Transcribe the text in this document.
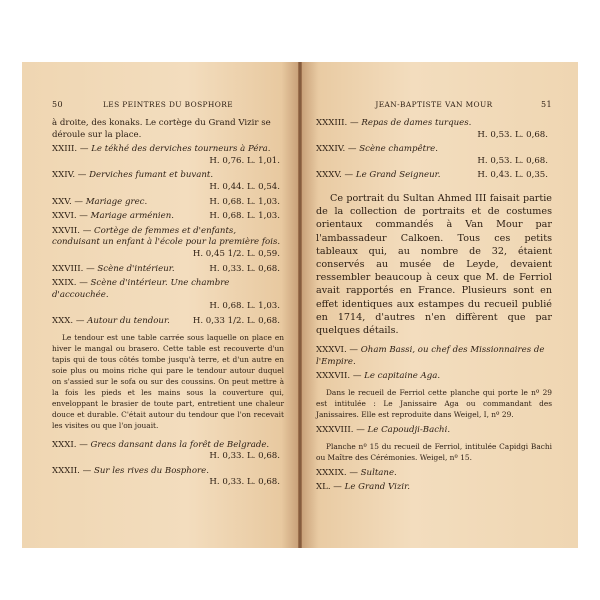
50	LES PEINTRES DU BOSPHORE
à droite, des konaks. Le cortège du Grand Vizir se déroule sur la place.
XXIII. — Le tékhé des derviches tourneurs à Péra.
H. 0,76. L. 1,01.
XXIV. — Derviches fumant et buvant.
H. 0,44. L. 0,54.
XXV. — Mariage grec.	H. 0,68. L. 1,03.
XXVI. — Mariage arménien.	H. 0,68. L. 1,03.
XXVII. — Cortège de femmes et d'enfants, conduisant un enfant à l'école pour la première fois.
H. 0,45 1/2. L. 0,59.
XXVIII. — Scène d'intérieur.	H. 0,33. L. 0,68.
XXIX. — Scène d'intérieur. Une chambre d'accouchée.
H. 0,68. L. 1,03.
XXX. — Autour du tendour.	H. 0,33 1/2. L. 0,68.

Le tendour est une table carrée sous laquelle on place en hiver le mangal ou brasero. Cette table est recouverte d'un tapis qui de tous côtés tombe jusqu'à terre, et d'un autre en soie plus ou moins riche qui pare le tendour autour duquel on s'assied sur le sofa ou sur des coussins. On peut mettre à la fois les pieds et les mains sous la couverture qui, enveloppant le brasier de toute part, entretient une chaleur douce et durable. C'était autour du tendour que l'on recevait les visites ou que l'on jouait.

XXXI. — Grecs dansant dans la forêt de Belgrade.
H. 0,33. L. 0,68.
XXXII. — Sur les rives du Bosphore.
H. 0,33. L. 0,68.
JEAN-BAPTISTE VAN MOUR	51
XXXIII. — Repas de dames turques.
H. 0,53. L. 0,68.
XXXIV. — Scène champêtre.
H. 0,53. L. 0,68.
XXXV. — Le Grand Seigneur.	H. 0,43. L. 0,35.

Ce portrait du Sultan Ahmed III faisait partie de la collection de portraits et de costumes orientaux commandés à Van Mour par l'ambassadeur Calkoen. Tous ces petits tableaux qui, au nombre de 32, étaient conservés au musée de Leyde, devaient ressembler beaucoup à ceux que M. de Ferriol avait rapportés en France. Plusieurs sont en effet identiques aux estampes du recueil publié en 1714, d'autres n'en diffèrent que par quelques détails.

XXXVI. — Oham Bassi, ou chef des Missionnaires de l'Empire.
XXXVII. — Le capitaine Aga.

Dans le recueil de Ferriol cette planche qui porte le nº 29 est intitulée : Le Janissaire Aga ou commandant des Janissaires. Elle est reproduite dans Weigel, I, nº 29.

XXXVIII. — Le Capoudji-Bachi.

Planche nº 15 du recueil de Ferriol, intitulée Capidgi Bachi ou Maître des Cérémonies. Weigel, nº 15.

XXXIX. — Sultane.
XL. — Le Grand Vizir.
